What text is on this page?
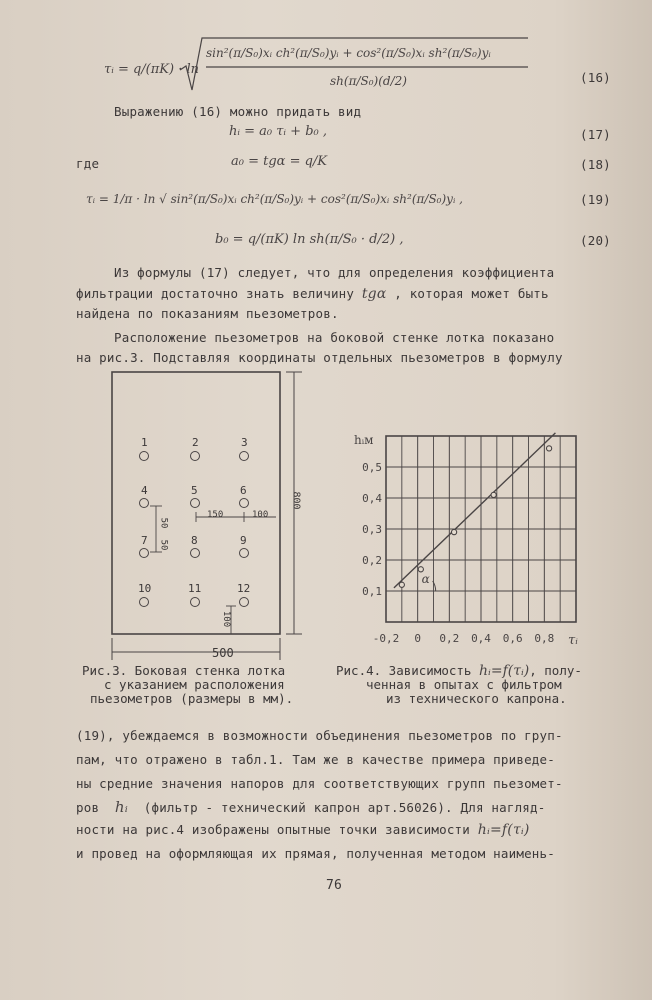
τᵢ = q/(πK) · ln
sin²(π/S₀)xᵢ ch²(π/S₀)yᵢ + cos²(π/S₀)xᵢ sh²(π/S₀)yᵢ
sh(π/S₀)(d/2)	(16)
Выражению (16) можно придать вид
hᵢ = a₀ τᵢ + b₀ ,	(17)
где	a₀ = tgα = q/K	(18)
τᵢ = 1/π · ln √ sin²(π/S₀)xᵢ ch²(π/S₀)yᵢ + cos²(π/S₀)xᵢ sh²(π/S₀)yᵢ ,	(19)
b₀ = q/(πK) ln sh(π/S₀ · d/2) ,	(20)
Из формулы (17) следует, что для определения коэффициента
фильтрации достаточно знать величину tgα , которая может быть
найдена по показаниям пьезометров.
Расположение пьезометров на боковой стенке лотка показано
на рис.3. Подставляя координаты отдельных пьезометров в формулу
1	2	3
4	5	6
7	8	9
10	11	12
500
800
150	100
50
50
100
Рис.3. Боковая стенка лотка
с указанием расположения
пьезометров (размеры в мм).
α
-0,2 0 0,2 0,4 0,6 0,8
0,1
0,2
0,3
0,4
0,5
τᵢ
hᵢм
Рис.4. Зависимость hᵢ=f(τᵢ), полу-
ченная в опытах с фильтром
из технического капрона.
(19), убеждаемся в возможности объединения пьезометров по груп-
пам, что отражено в табл.1. Там же в качестве примера приведе-
ны средние значения напоров для соответствующих групп пьезомет-
ров hᵢ (фильтр - технический капрон арт.56026). Для нагляд-
ности на рис.4 изображены опытные точки зависимости hᵢ=f(τᵢ)
и провед на оформляющая их прямая, полученная методом наимень-
76
